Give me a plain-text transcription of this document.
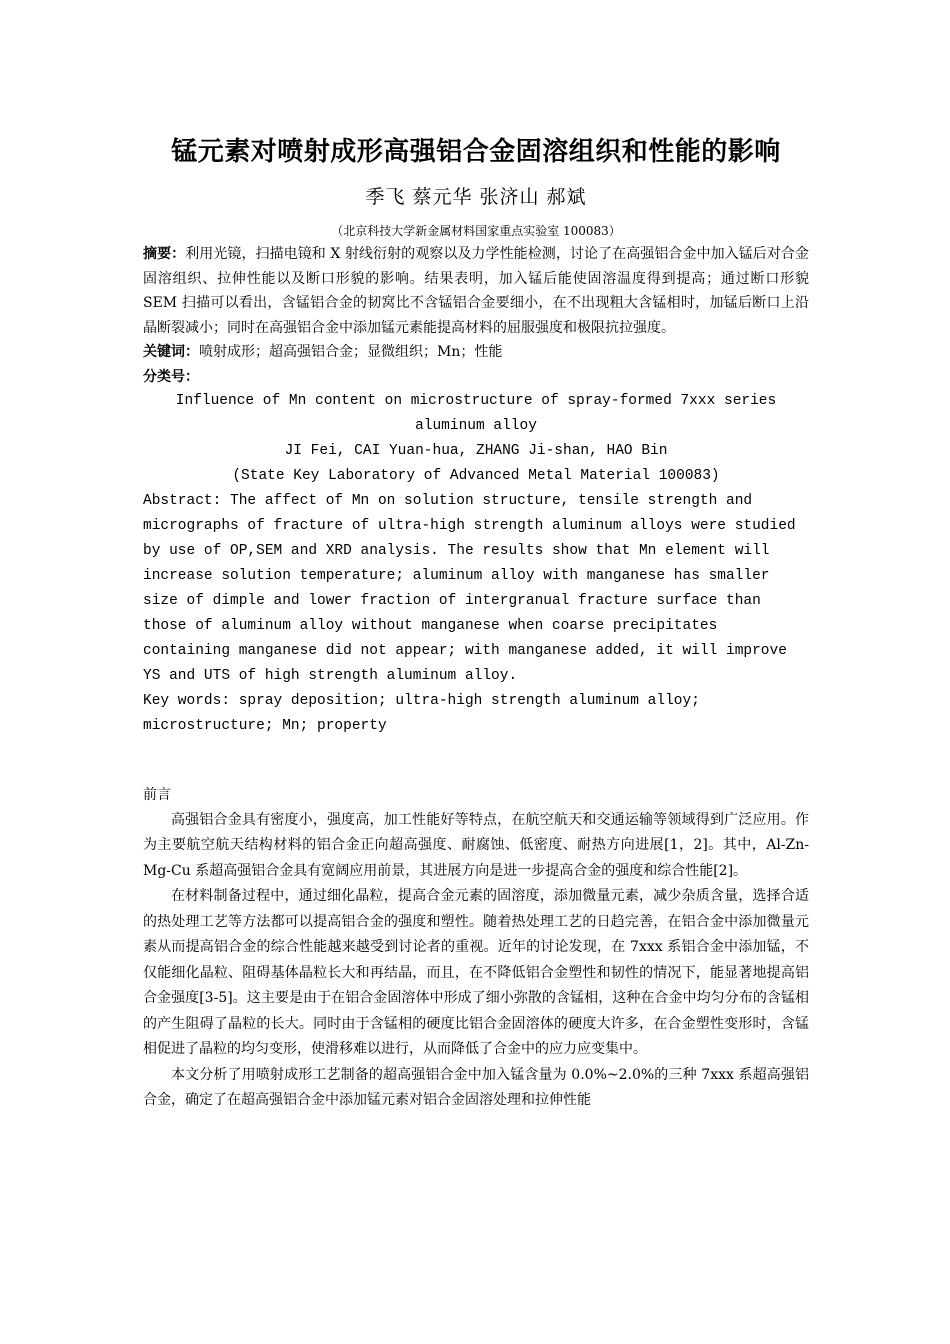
锰元素对喷射成形高强铝合金固溶组织和性能的影响
季飞 蔡元华 张济山 郝斌
（北京科技大学新金属材料国家重点实验室 100083）

摘要：利用光镜，扫描电镜和 X 射线衍射的观察以及力学性能检测，讨论了在高强铝合金中加入锰后对合金固溶组织、拉伸性能以及断口形貌的影响。结果表明，加入锰后能使固溶温度得到提高；通过断口形貌 SEM 扫描可以看出，含锰铝合金的韧窝比不含锰铝合金要细小，在不出现粗大含锰相时，加锰后断口上沿晶断裂减小；同时在高强铝合金中添加锰元素能提高材料的屈服强度和极限抗拉强度。

关键词：喷射成形；超高强铝合金；显微组织；Mn；性能

分类号：

Influence of Mn content on microstructure of spray-formed 7xxx series aluminum alloy

JI Fei, CAI Yuan-hua, ZHANG Ji-shan, HAO Bin

(State Key Laboratory of Advanced Metal Material 100083)

Abstract: The affect of Mn on solution structure, tensile strength and micrographs of fracture of ultra-high strength aluminum alloys were studied by use of OP,SEM and XRD analysis. The results show that Mn element will increase solution temperature; aluminum alloy with manganese has smaller size of dimple and lower fraction of intergranual fracture surface than those of aluminum alloy without manganese when coarse precipitates containing manganese did not appear; with manganese added, it will improve YS and UTS of high strength aluminum alloy.

Key words: spray deposition; ultra-high strength aluminum alloy; microstructure; Mn; property

前言

高强铝合金具有密度小，强度高，加工性能好等特点，在航空航天和交通运输等领域得到广泛应用。作为主要航空航天结构材料的铝合金正向超高强度、耐腐蚀、低密度、耐热方向进展[1，2]。其中，Al-Zn-Mg-Cu 系超高强铝合金具有宽阔应用前景，其进展方向是进一步提高合金的强度和综合性能[2]。

在材料制备过程中，通过细化晶粒，提高合金元素的固溶度，添加微量元素，减少杂质含量，选择合适的热处理工艺等方法都可以提高铝合金的强度和塑性。随着热处理工艺的日趋完善，在铝合金中添加微量元素从而提高铝合金的综合性能越来越受到讨论者的重视。近年的讨论发现，在 7xxx 系铝合金中添加锰，不仅能细化晶粒、阻碍基体晶粒长大和再结晶，而且，在不降低铝合金塑性和韧性的情况下，能显著地提高铝合金强度[3-5]。这主要是由于在铝合金固溶体中形成了细小弥散的含锰相，这种在合金中均匀分布的含锰相的产生阻碍了晶粒的长大。同时由于含锰相的硬度比铝合金固溶体的硬度大许多，在合金塑性变形时，含锰相促进了晶粒的均匀变形，使滑移难以进行，从而降低了合金中的应力应变集中。

本文分析了用喷射成形工艺制备的超高强铝合金中加入锰含量为 0.0%~2.0%的三种 7xxx 系超高强铝合金，确定了在超高强铝合金中添加锰元素对铝合金固溶处理和拉伸性能
